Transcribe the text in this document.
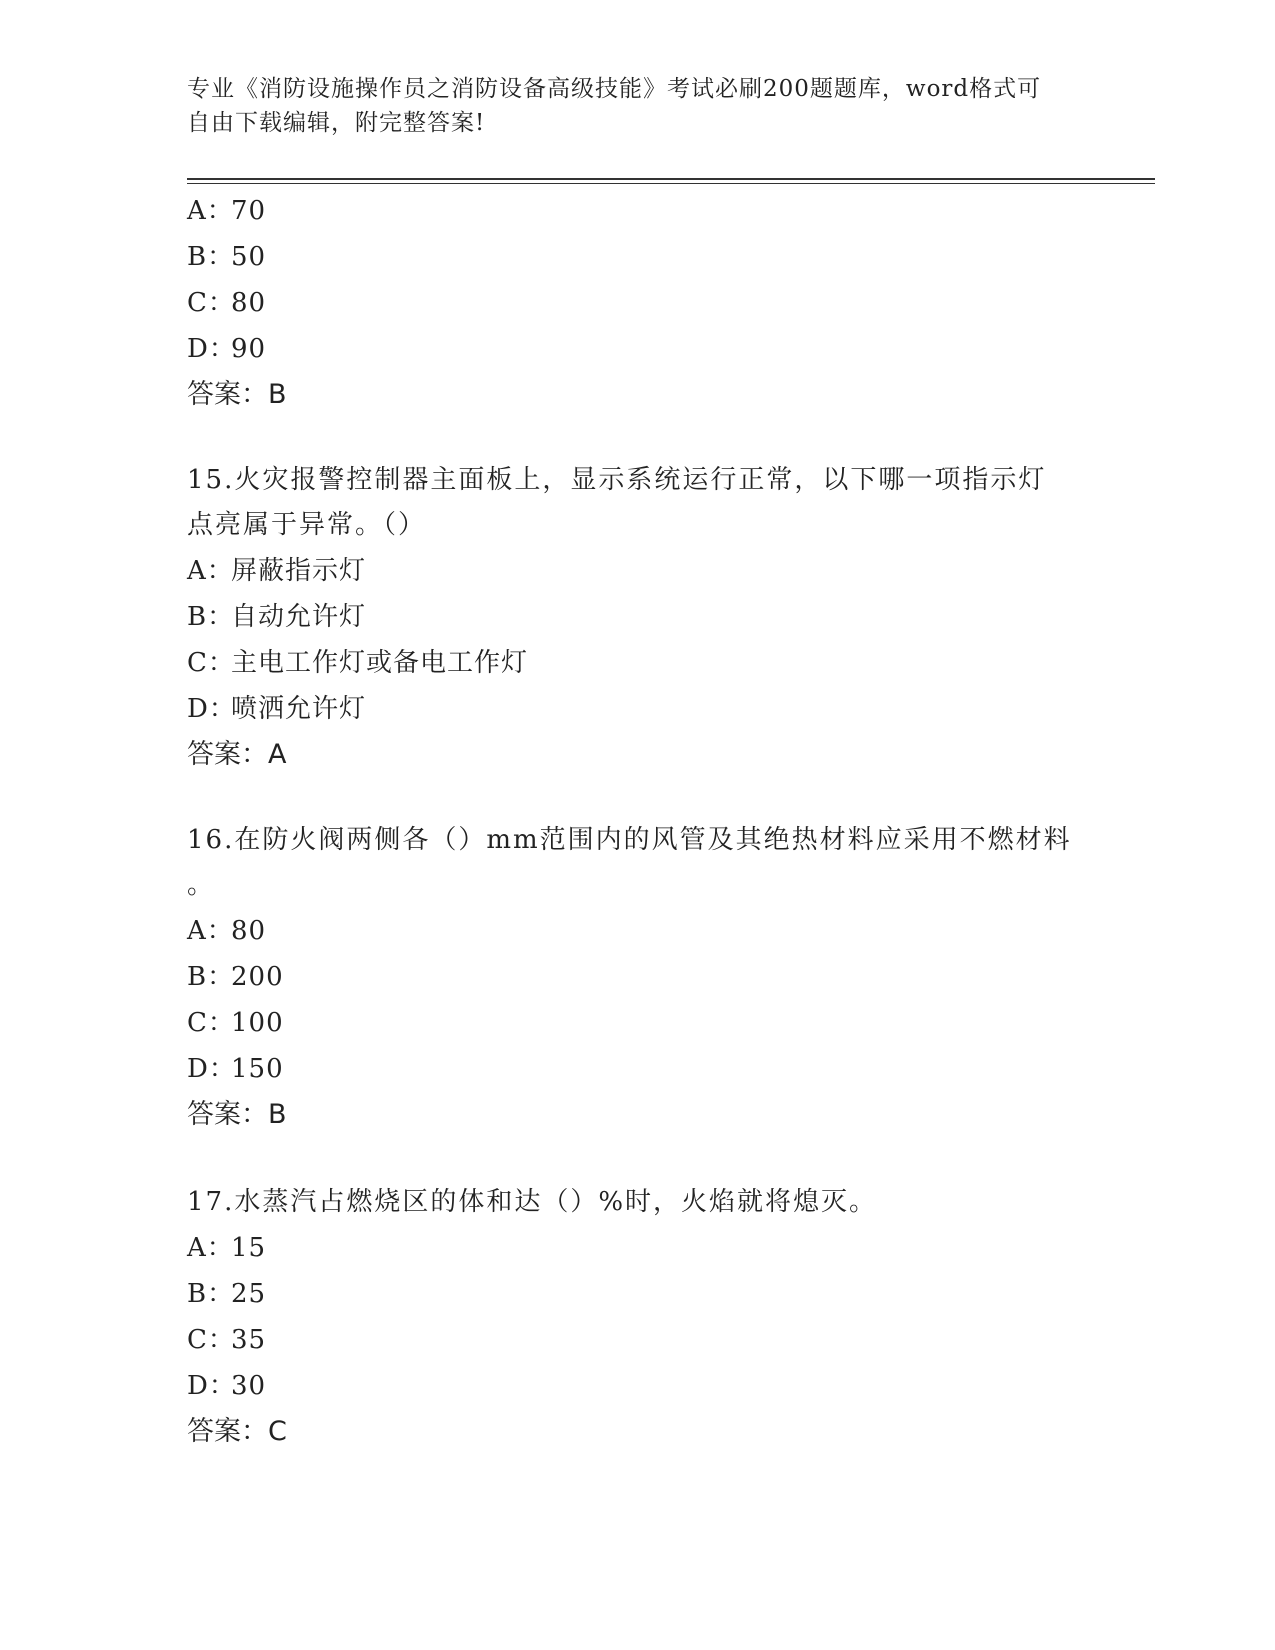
专业《消防设施操作员之消防设备高级技能》考试必刷200题题库，word格式可
自由下载编辑，附完整答案!
A：70
B：50
C：80
D：90
答案：B
15.火灾报警控制器主面板上，显示系统运行正常，以下哪一项指示灯
点亮属于异常。（）
A：屏蔽指示灯
B：自动允许灯
C：主电工作灯或备电工作灯
D：喷洒允许灯
答案：A
16.在防火阀两侧各（）mm范围内的风管及其绝热材料应采用不燃材料
。
A：80
B：200
C：100
D：150
答案：B
17.水蒸汽占燃烧区的体和达（）%时，火焰就将熄灭。
A：15
B：25
C：35
D：30
答案：C
